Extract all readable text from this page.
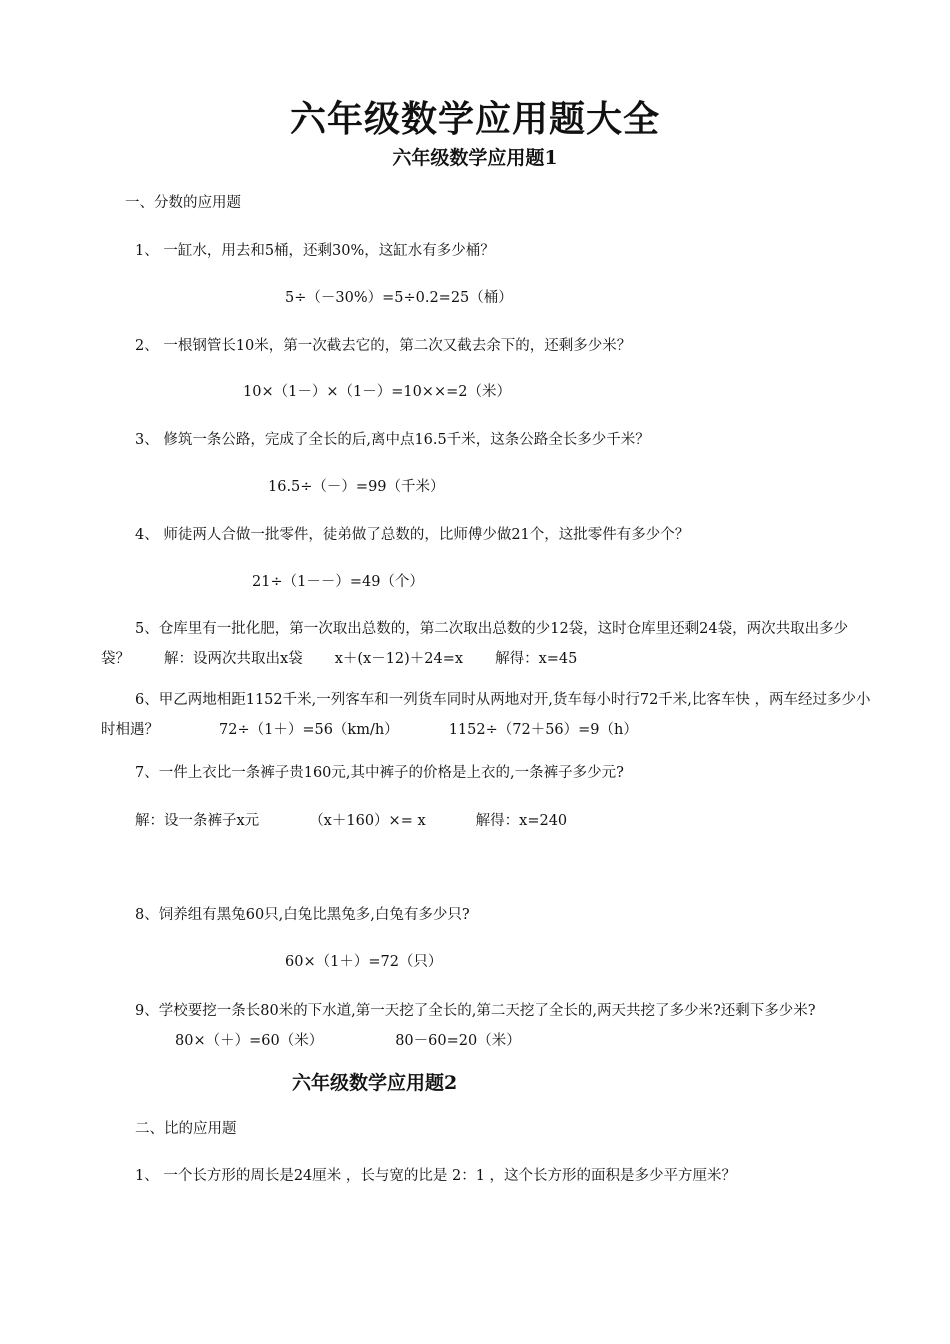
六年级数学应用题大全
六年级数学应用题1
一、分数的应用题
1、 一缸水，用去和5桶，还剩30%，这缸水有多少桶？
5÷（－30%）=5÷0.2=25（桶）
2、 一根钢管长10米，第一次截去它的，第二次又截去余下的，还剩多少米？
10×（1－）×（1－）=10××=2（米）
3、 修筑一条公路，完成了全长的后,离中点16.5千米，这条公路全长多少千米？
16.5÷（－）=99（千米）
4、 师徒两人合做一批零件，徒弟做了总数的，比师傅少做21个，这批零件有多少个？
21÷（1－－）=49（个）
5、仓库里有一批化肥，第一次取出总数的，第二次取出总数的少12袋，这时仓库里还剩24袋，两次共取出多少袋？ 解：设两次共取出x袋 x＋(x－12)＋24=x 解得：x=45
6、甲乙两地相距1152千米,一列客车和一列货车同时从两地对开,货车每小时行72千米,比客车快 ，两车经过多少小时相遇？	72÷（1＋）=56（km/h）	1152÷（72＋56）=9（h）
7、一件上衣比一条裤子贵160元,其中裤子的价格是上衣的,一条裤子多少元?
解：设一条裤子x元	（x＋160）×= x	解得：x=240
8、饲养组有黑兔60只,白兔比黑兔多,白兔有多少只?
60×（1＋）=72（只）
9、学校要挖一条长80米的下水道,第一天挖了全长的,第二天挖了全长的,两天共挖了多少米?还剩下多少米?80×（＋）=60（米）	80－60=20（米）
六年级数学应用题2
二、比的应用题
1、 一个长方形的周长是24厘米 ，长与宽的比是 2：1 ，这个长方形的面积是多少平方厘米？
